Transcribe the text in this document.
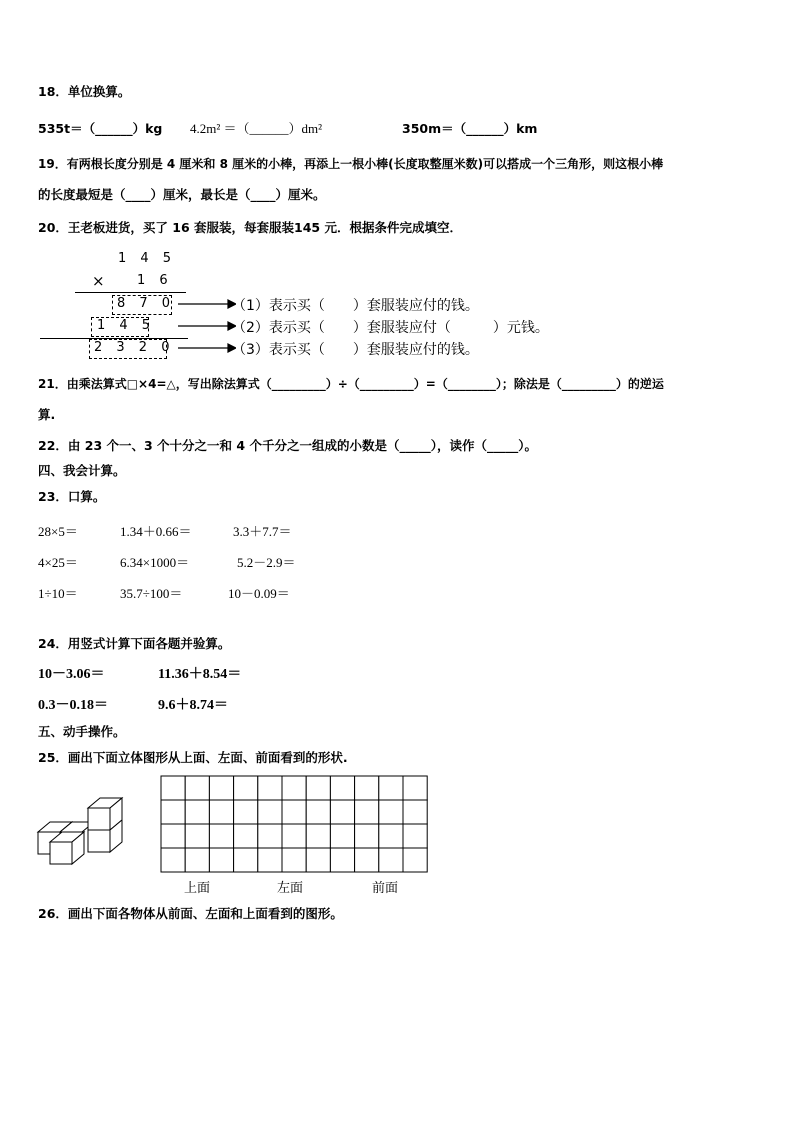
18．单位换算。
535t＝（______）kg 4.2m² ＝（______）dm²	350m＝（______）km
19．有两根长度分别是 4 厘米和 8 厘米的小棒，再添上一根小棒(长度取整厘米数)可以搭成一个三角形，则这根小棒
的长度最短是（____）厘米，最长是（____）厘米。
20．王老板进货，买了 16 套服装，每套服装145 元．根据条件完成填空．
1 4 5
× 1 6
8 7 0
1 4 5
2 3 2 0
（1）表示买（　　）套服装应付的钱。
（2）表示买（　　）套服装应付（　　　）元钱。
（3）表示买（　　）套服装应付的钱。
21．由乘法算式□×4=△，写出除法算式（_________）÷（_________）=（________）；除法是（_________）的逆运
算.
22．由 23 个一、3 个十分之一和 4 个千分之一组成的小数是（_____），读作（_____）。
四、我会计算。
23．口算。
28×5＝	1.34＋0.66＝	3.3＋7.7＝
4×25＝	6.34×1000＝	5.2－2.9＝
1÷10＝	35.7÷100＝	10－0.09＝
24．用竖式计算下面各题并验算。
10－3.06＝	11.36＋8.54＝
0.3－0.18＝	9.6＋8.74＝
五、动手操作。
25．画出下面立体图形从上面、左面、前面看到的形状.
上面	左面	前面
26．画出下面各物体从前面、左面和上面看到的图形。
